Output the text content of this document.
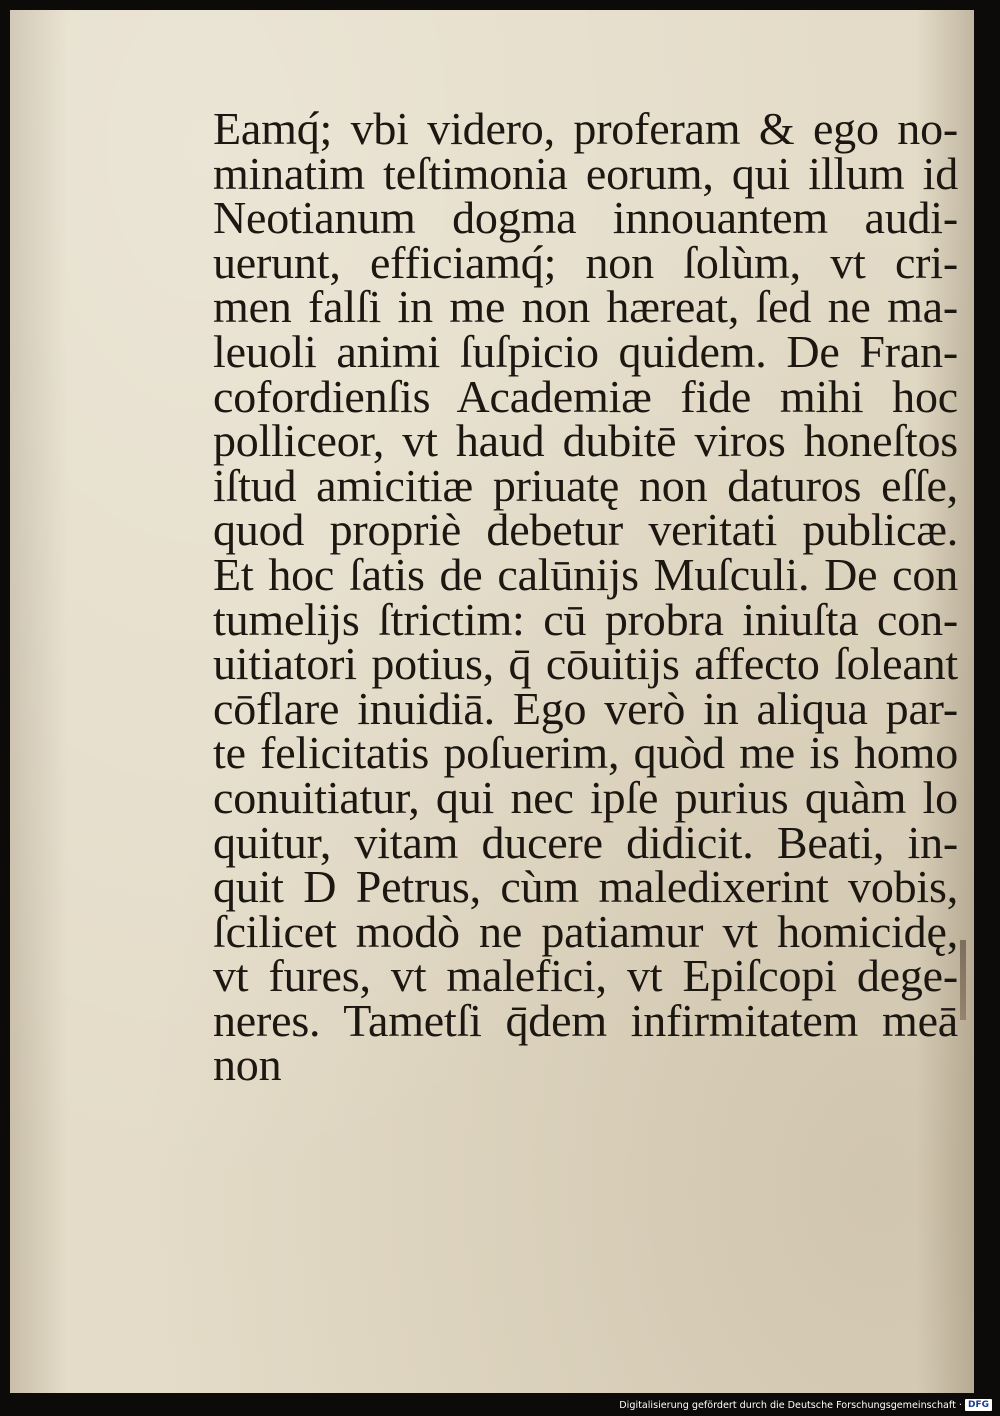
Eamq́; vbi videro, proferam & ego no-
minatim teſtimonia eorum, qui illum id
Neotianum dogma innouantem audi-
uerunt, efficiamq́; non ſolùm, vt cri-
men falſi in me non hæreat, ſed ne ma-
leuoli animi ſuſpicio quidem. De Fran-
cofordienſis Academiæ fide mihi hoc
polliceor, vt haud dubitē viros honeſtos
iſtud amicitiæ priuatę non daturos eſſe,
quod propriè debetur veritati publicæ.
Et hoc ſatis de calūnijs Muſculi. De con
tumelijs ſtrictim: cū probra iniuſta con-
uitiatori potius, q̄ cōuitijs affecto ſoleant
cōflare inuidiā. Ego verò in aliqua par-
te felicitatis poſuerim, quòd me is homo
conuitiatur, qui nec ipſe purius quàm lo
quitur, vitam ducere didicit. Beati, in-
quit D Petrus, cùm maledixerint vobis,
ſcilicet modò ne patiamur vt homicidę,
vt fures, vt malefici, vt Epiſcopi dege-
neres. Tametſi q̄dem infirmitatem meā
non
Digitalisierung gefördert durch die Deutsche Forschungsgemeinschaft · DFG
